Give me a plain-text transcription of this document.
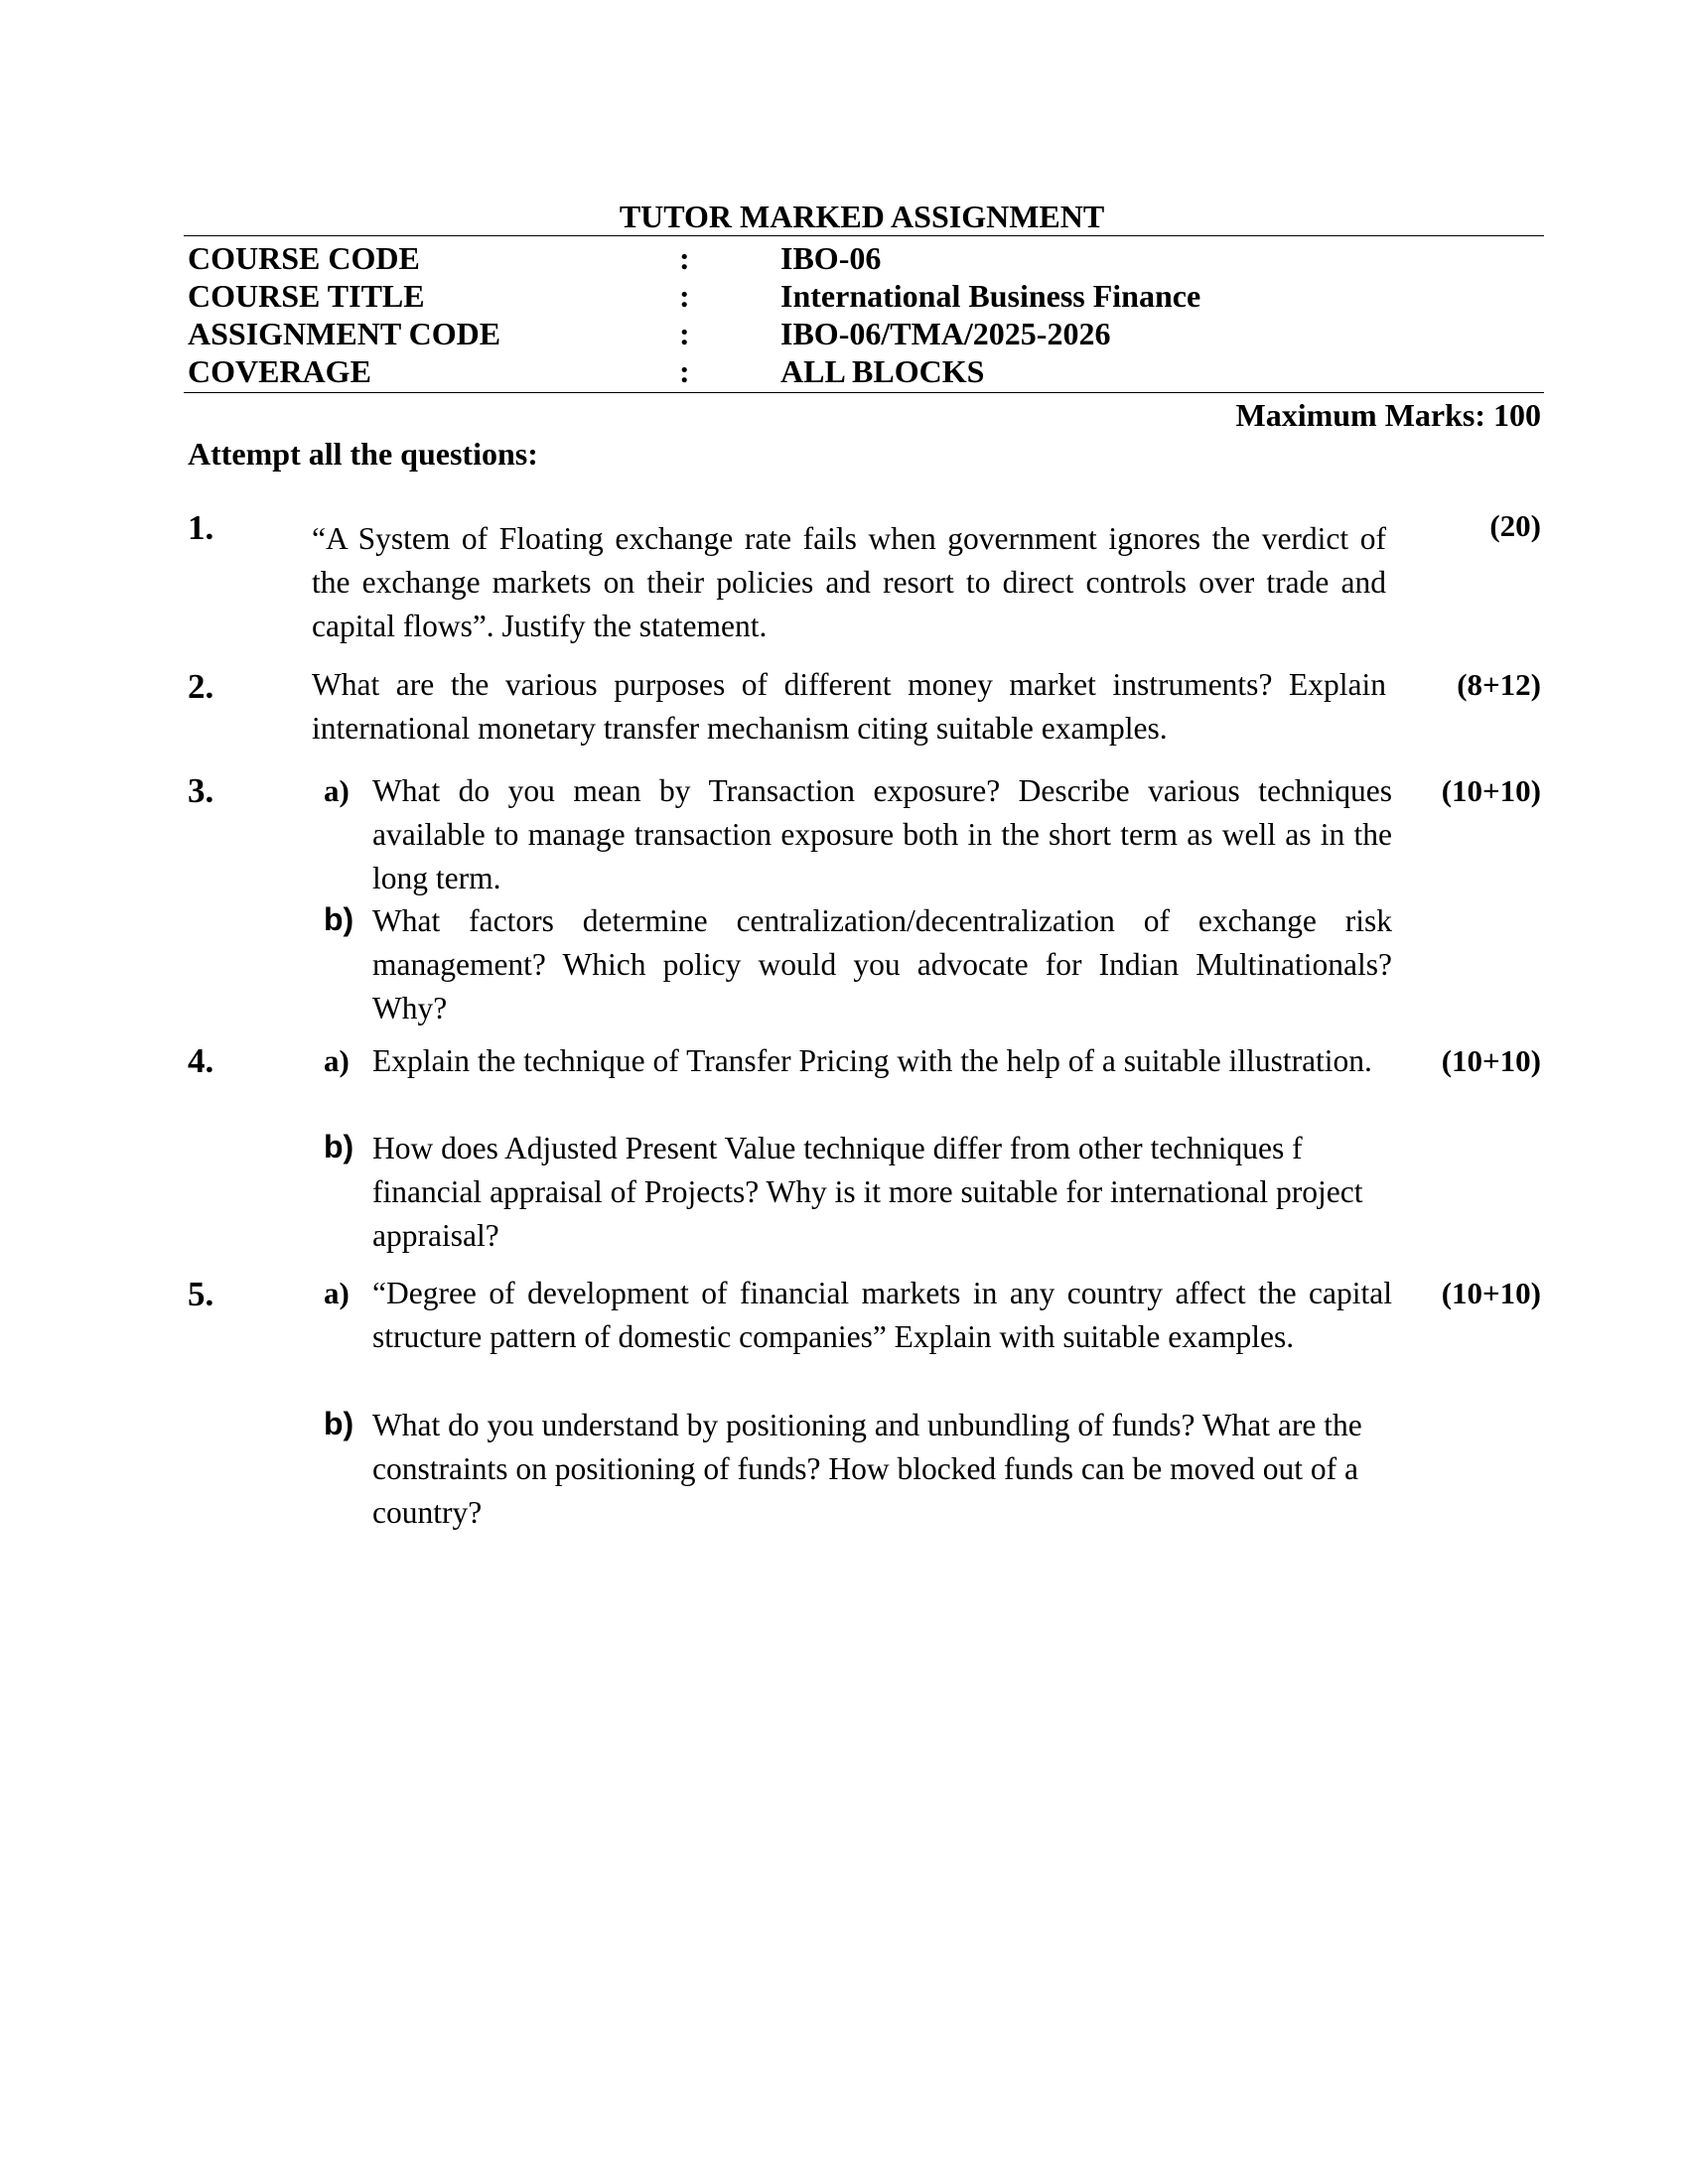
TUTOR MARKED ASSIGNMENT
COURSE CODE	:	IBO-06
COURSE TITLE	:	International Business Finance
ASSIGNMENT CODE	:	IBO-06/TMA/2025-2026
COVERAGE	:	ALL BLOCKS
Maximum Marks: 100
Attempt all the questions:
1.	(20)
“A System of Floating exchange rate fails when government ignores the verdict of the exchange markets on their policies and resort to direct controls over trade and capital flows”. Justify the statement.
2.	(8+12)
What are the various purposes of different money market instruments? Explain international monetary transfer mechanism citing suitable examples.
3.	(10+10)
a) What do you mean by Transaction exposure? Describe various techniques available to manage transaction exposure both in the short term as well as in the long term.
b) What factors determine centralization/decentralization of exchange risk management? Which policy would you advocate for Indian Multinationals? Why?
4.	(10+10)
a) Explain the technique of Transfer Pricing with the help of a suitable illustration.
b) How does Adjusted Present Value technique differ from other techniques f financial appraisal of Projects? Why is it more suitable for international project appraisal?
5.	(10+10)
a) “Degree of development of financial markets in any country affect the capital structure pattern of domestic companies” Explain with suitable examples.
b) What do you understand by positioning and unbundling of funds? What are the constraints on positioning of funds? How blocked funds can be moved out of a country?
